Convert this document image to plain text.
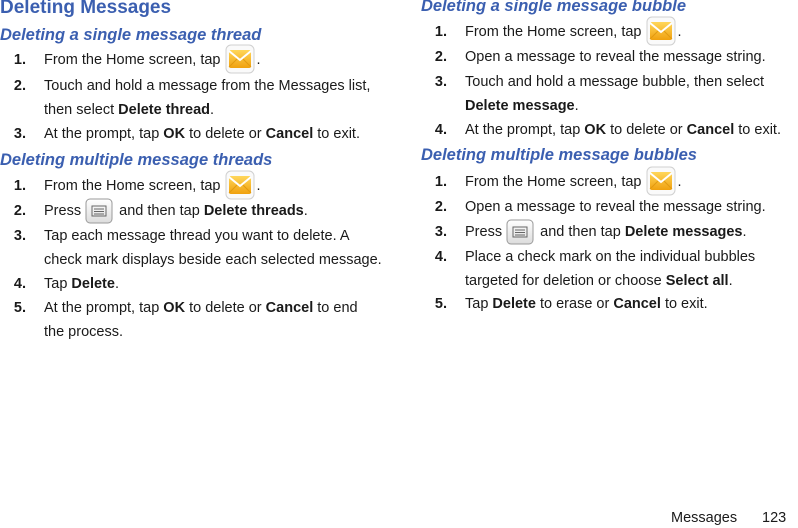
Deleting Messages
Deleting a single message thread
1. From the Home screen, tap .
2. Touch and hold a message from the Messages list, then select Delete thread.
3. At the prompt, tap OK to delete or Cancel to exit.
Deleting multiple message threads
1. From the Home screen, tap .
2. Press	and then tap Delete threads.
3. Tap each message thread you want to delete. A check mark displays beside each selected message.
4. Tap Delete.
5. At the prompt, tap OK to delete or Cancel to end the process.
Deleting a single message bubble
1. From the Home screen, tap .
2. Open a message to reveal the message string.
3. Touch and hold a message bubble, then select Delete message.
4. At the prompt, tap OK to delete or Cancel to exit.
Deleting multiple message bubbles
1. From the Home screen, tap .
2. Open a message to reveal the message string.
3. Press	and then tap Delete messages.
4. Place a check mark on the individual bubbles targeted for deletion or choose Select all.
5. Tap Delete to erase or Cancel to exit.
Messages 123
